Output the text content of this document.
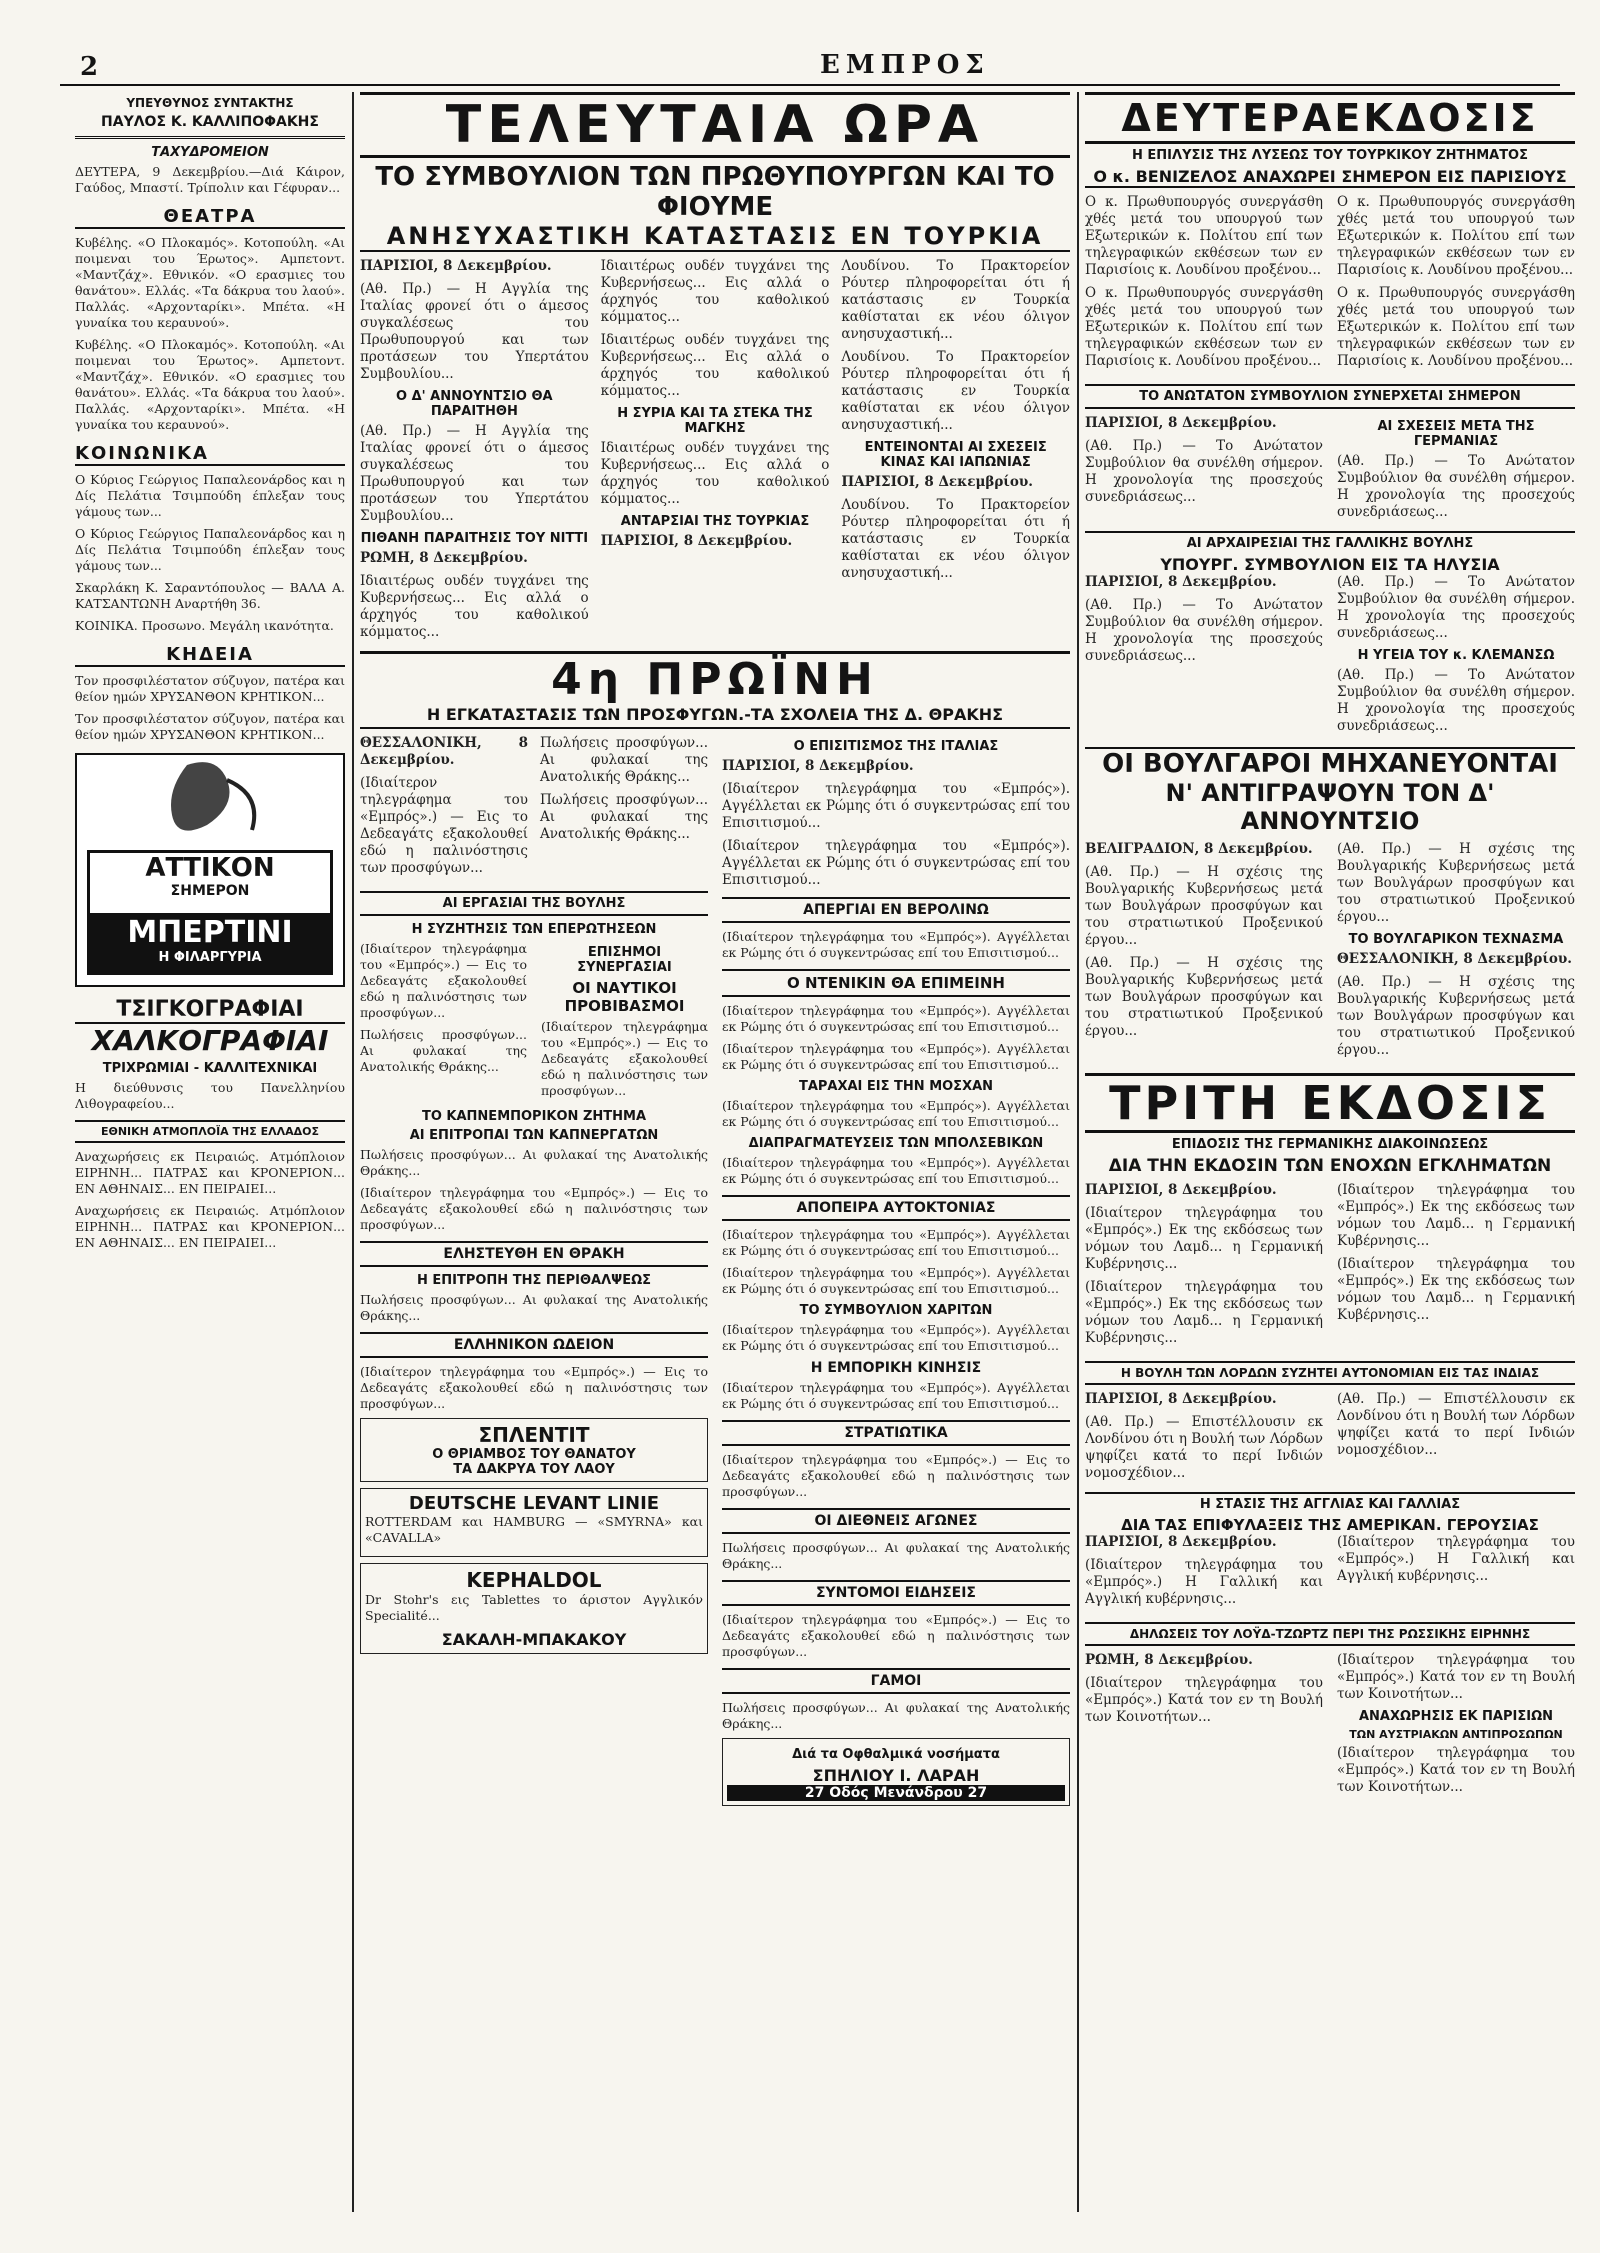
2	ΕΜΠΡΟΣ
ΥΠΕΥΘΥΝΟΣ ΣΥΝΤΑΚΤΗΣ
ΠΑΥΛΟΣ Κ. ΚΑΛΛΙΠΟΦΑΚΗΣ
ΤΑΧΥΔΡΟΜΕΙΟΝ

ΔΕΥΤΕΡΑ, 9 Δεκεμβρίου.—Διά Κάιρον, Γαύδος, Μπαστί. Τρίπολιν και Γέφυραν...

ΘΕΑΤΡΑ

Κυβέλης. «Ο Πλοκαμός». Κοτοπούλη. «Αι ποιμεναι του Έρωτος». Αμπετοντ. «Μαντζάχ». Εθνικόν. «Ο ερασμιες του θανάτου». Ελλάς. «Τα δάκρυα του λαού». Παλλάς. «Αρχονταρίκι». Μπέτα. «Η γυναίκα του κεραυνού».

Κυβέλης. «Ο Πλοκαμός». Κοτοπούλη. «Αι ποιμεναι του Έρωτος». Αμπετοντ. «Μαντζάχ». Εθνικόν. «Ο ερασμιες του θανάτου». Ελλάς. «Τα δάκρυα του λαού». Παλλάς. «Αρχονταρίκι». Μπέτα. «Η γυναίκα του κεραυνού».

ΚΟΙΝΩΝΙΚΑ

Ο Κύριος Γεώργιος Παπαλεονάρδος και η Δίς Πελάτια Τσιμπούδη έπλεξαν τους γάμους των...

Ο Κύριος Γεώργιος Παπαλεονάρδος και η Δίς Πελάτια Τσιμπούδη έπλεξαν τους γάμους των...

Σκαρλάκη Κ. Σαραντόπουλος — ΒΑΛΑ Α. ΚΑΤΣΑΝΤΩΝΗ Αναρτήθη 36.

ΚΟΙΝΙΚΑ. Προσωνο. Μεγάλη ικανότητα.

ΚΗΔΕΙΑ

Τον προσφιλέστατον σύζυγον, πατέρα και θείον ημών ΧΡΥΣΑΝΘΟΝ ΚΡΗΤΙΚΟΝ...

Τον προσφιλέστατον σύζυγον, πατέρα και θείον ημών ΧΡΥΣΑΝΘΟΝ ΚΡΗΤΙΚΟΝ...

ΑΤΤΙΚΟΝ
ΣΗΜΕΡΟΝ
ΜΠΕΡΤΙΝΙ
Η ΦΙΛΑΡΓΥΡΙΑ
ΤΣΙΓΚΟΓΡΑΦΙΑΙ
ΧΑΛΚΟΓΡΑΦΙΑΙ
ΤΡΙΧΡΩΜΙΑΙ - ΚΑΛΛΙΤΕΧΝΙΚΑΙ

Η διεύθυνσις του Πανελληνίου Λιθογραφείου...

ΕΘΝΙΚΗ ΑΤΜΟΠΛΟΪΑ ΤΗΣ ΕΛΛΑΔΟΣ

Αναχωρήσεις εκ Πειραιώς. Ατμόπλοιον ΕΙΡΗΝΗ... ΠΑΤΡΑΣ και ΚΡΟΝΕΡΙΟΝ... ΕΝ ΑΘΗΝΑΙΣ... ΕΝ ΠΕΙΡΑΙΕΙ...

Αναχωρήσεις εκ Πειραιώς. Ατμόπλοιον ΕΙΡΗΝΗ... ΠΑΤΡΑΣ και ΚΡΟΝΕΡΙΟΝ... ΕΝ ΑΘΗΝΑΙΣ... ΕΝ ΠΕΙΡΑΙΕΙ...

ΤΕΛΕΥΤΑΙΑ ΩΡΑ
ΤΟ ΣΥΜΒΟΥΛΙΟΝ ΤΩΝ ΠΡΩΘΥΠΟΥΡΓΩΝ ΚΑΙ ΤΟ ΦΙΟΥΜΕ
ΑΝΗΣΥΧΑΣΤΙΚΗ ΚΑΤΑΣΤΑΣΙΣ ΕΝ ΤΟΥΡΚΙΑ

ΠΑΡΙΣΙΟΙ, 8 Δεκεμβρίου.

(Αθ. Πρ.) — Η Αγγλία της Ιταλίας φρονεί ότι ο άμεσος συγκαλέσεως του Πρωθυπουργού και των προτάσεων του Υπερτάτου Συμβουλίου...

Ο Δ' ΑΝΝΟΥΝΤΣΙΟ ΘΑ ΠΑΡΑΙΤΗΘΗ

(Αθ. Πρ.) — Η Αγγλία της Ιταλίας φρονεί ότι ο άμεσος συγκαλέσεως του Πρωθυπουργού και των προτάσεων του Υπερτάτου Συμβουλίου...

ΠΙΘΑΝΗ ΠΑΡΑΙΤΗΣΙΣ ΤΟΥ ΝΙΤΤΙ

ΡΩΜΗ, 8 Δεκεμβρίου.

Ιδιαιτέρως ουδέν τυγχάνει της Κυβερνήσεως... Εις αλλά ο άρχηγός του καθολικού κόμματος...

Ιδιαιτέρως ουδέν τυγχάνει της Κυβερνήσεως... Εις αλλά ο άρχηγός του καθολικού κόμματος...

Ιδιαιτέρως ουδέν τυγχάνει της Κυβερνήσεως... Εις αλλά ο άρχηγός του καθολικού κόμματος...

Η ΣΥΡΙΑ ΚΑΙ ΤΑ ΣΤΕΚΑ ΤΗΣ ΜΑΓΚΗΣ

Ιδιαιτέρως ουδέν τυγχάνει της Κυβερνήσεως... Εις αλλά ο άρχηγός του καθολικού κόμματος...

ΑΝΤΑΡΣΙΑΙ ΤΗΣ ΤΟΥΡΚΙΑΣ

ΠΑΡΙΣΙΟΙ, 8 Δεκεμβρίου.

Λουδίνου. Το Πρακτορείον Ρόυτερ πληροφορείται ότι ή κατάστασις εν Τουρκία καθίσταται εκ νέου όλιγον ανησυχαστική...

Λουδίνου. Το Πρακτορείον Ρόυτερ πληροφορείται ότι ή κατάστασις εν Τουρκία καθίσταται εκ νέου όλιγον ανησυχαστική...

ΕΝΤΕΙΝΟΝΤΑΙ ΑΙ ΣΧΕΣΕΙΣ ΚΙΝΑΣ ΚΑΙ ΙΑΠΩΝΙΑΣ

ΠΑΡΙΣΙΟΙ, 8 Δεκεμβρίου.

Λουδίνου. Το Πρακτορείον Ρόυτερ πληροφορείται ότι ή κατάστασις εν Τουρκία καθίσταται εκ νέου όλιγον ανησυχαστική...

4η ΠΡΩΪΝΗ
Η ΕΓΚΑΤΑΣΤΑΣΙΣ ΤΩΝ ΠΡΟΣΦΥΓΩΝ.-ΤΑ ΣΧΟΛΕΙΑ ΤΗΣ Δ. ΘΡΑΚΗΣ

ΘΕΣΣΑΛΟΝΙΚΗ, 8 Δεκεμβρίου.

(Ιδιαίτερον τηλεγράφημα του «Εμπρός».) — Εις το Δεδεαγάτς εξακολουθεί εδώ η παλινόστησις των προσφύγων...

Πωλήσεις προσφύγων... Αι φυλακαί της Ανατολικής Θράκης...

Πωλήσεις προσφύγων... Αι φυλακαί της Ανατολικής Θράκης...

ΑΙ ΕΡΓΑΣΙΑΙ ΤΗΣ ΒΟΥΛΗΣ
Η ΣΥΖΗΤΗΣΙΣ ΤΩΝ ΕΠΕΡΩΤΗΣΕΩΝ

(Ιδιαίτερον τηλεγράφημα του «Εμπρός».) — Εις το Δεδεαγάτς εξακολουθεί εδώ η παλινόστησις των προσφύγων...

Πωλήσεις προσφύγων... Αι φυλακαί της Ανατολικής Θράκης...

ΕΠΙΣΗΜΟΙ ΣΥΝΕΡΓΑΣΙΑΙ
ΟΙ ΝΑΥΤΙΚΟΙ ΠΡΟΒΙΒΑΣΜΟΙ

(Ιδιαίτερον τηλεγράφημα του «Εμπρός».) — Εις το Δεδεαγάτς εξακολουθεί εδώ η παλινόστησις των προσφύγων...

ΤΟ ΚΑΠΝΕΜΠΟΡΙΚΟΝ ΖΗΤΗΜΑ
ΑΙ ΕΠΙΤΡΟΠΑΙ ΤΩΝ ΚΑΠΝΕΡΓΑΤΩΝ

Πωλήσεις προσφύγων... Αι φυλακαί της Ανατολικής Θράκης...

(Ιδιαίτερον τηλεγράφημα του «Εμπρός».) — Εις το Δεδεαγάτς εξακολουθεί εδώ η παλινόστησις των προσφύγων...

ΕΛΗΣΤΕΥΘΗ ΕΝ ΘΡΑΚΗ
Η ΕΠΙΤΡΟΠΗ ΤΗΣ ΠΕΡΙΘΑΛΨΕΩΣ

Πωλήσεις προσφύγων... Αι φυλακαί της Ανατολικής Θράκης...

ΕΛΛΗΝΙΚΟΝ ΩΔΕΙΟΝ

(Ιδιαίτερον τηλεγράφημα του «Εμπρός».) — Εις το Δεδεαγάτς εξακολουθεί εδώ η παλινόστησις των προσφύγων...

ΣΠΛΕΝΤΙΤ
Ο ΘΡΙΑΜΒΟΣ ΤΟΥ ΘΑΝΑΤΟΥ
ΤΑ ΔΑΚΡΥΑ ΤΟΥ ΛΑΟΥ
DEUTSCHE LEVANT LINIE

ROTTERDAM και HAMBURG — «SMYRNA» και «CAVALLA»

KEPHALDOL

Dr Stohr's εις Tablettes το άριστον Αγγλικόν Specialité...

ΣΑΚΑΛΗ-ΜΠΑΚΑΚΟΥ
Ο ΕΠΙΣΙΤΙΣΜΟΣ ΤΗΣ ΙΤΑΛΙΑΣ

ΠΑΡΙΣΙΟΙ, 8 Δεκεμβρίου.

(Ιδιαίτερον τηλεγράφημα του «Εμπρός»). Αγγέλλεται εκ Ρώμης ότι ό συγκεντρώσας επί του Επισιτισμού...

(Ιδιαίτερον τηλεγράφημα του «Εμπρός»). Αγγέλλεται εκ Ρώμης ότι ό συγκεντρώσας επί του Επισιτισμού...

ΑΠΕΡΓΙΑΙ ΕΝ ΒΕΡΟΛΙΝΩ

(Ιδιαίτερον τηλεγράφημα του «Εμπρός»). Αγγέλλεται εκ Ρώμης ότι ό συγκεντρώσας επί του Επισιτισμού...

Ο ΝΤΕΝΙΚΙΝ ΘΑ ΕΠΙΜΕΙΝΗ

(Ιδιαίτερον τηλεγράφημα του «Εμπρός»). Αγγέλλεται εκ Ρώμης ότι ό συγκεντρώσας επί του Επισιτισμού...

(Ιδιαίτερον τηλεγράφημα του «Εμπρός»). Αγγέλλεται εκ Ρώμης ότι ό συγκεντρώσας επί του Επισιτισμού...

ΤΑΡΑΧΑΙ ΕΙΣ ΤΗΝ ΜΟΣΧΑΝ

(Ιδιαίτερον τηλεγράφημα του «Εμπρός»). Αγγέλλεται εκ Ρώμης ότι ό συγκεντρώσας επί του Επισιτισμού...

ΔΙΑΠΡΑΓΜΑΤΕΥΣΕΙΣ ΤΩΝ ΜΠΟΛΣΕΒΙΚΩΝ

(Ιδιαίτερον τηλεγράφημα του «Εμπρός»). Αγγέλλεται εκ Ρώμης ότι ό συγκεντρώσας επί του Επισιτισμού...

ΑΠΟΠΕΙΡΑ ΑΥΤΟΚΤΟΝΙΑΣ

(Ιδιαίτερον τηλεγράφημα του «Εμπρός»). Αγγέλλεται εκ Ρώμης ότι ό συγκεντρώσας επί του Επισιτισμού...

(Ιδιαίτερον τηλεγράφημα του «Εμπρός»). Αγγέλλεται εκ Ρώμης ότι ό συγκεντρώσας επί του Επισιτισμού...

ΤΟ ΣΥΜΒΟΥΛΙΟΝ ΧΑΡΙΤΩΝ

(Ιδιαίτερον τηλεγράφημα του «Εμπρός»). Αγγέλλεται εκ Ρώμης ότι ό συγκεντρώσας επί του Επισιτισμού...

Η ΕΜΠΟΡΙΚΗ ΚΙΝΗΣΙΣ

(Ιδιαίτερον τηλεγράφημα του «Εμπρός»). Αγγέλλεται εκ Ρώμης ότι ό συγκεντρώσας επί του Επισιτισμού...

ΣΤΡΑΤΙΩΤΙΚΑ

(Ιδιαίτερον τηλεγράφημα του «Εμπρός».) — Εις το Δεδεαγάτς εξακολουθεί εδώ η παλινόστησις των προσφύγων...

ΟΙ ΔΙΕΘΝΕΙΣ ΑΓΩΝΕΣ

Πωλήσεις προσφύγων... Αι φυλακαί της Ανατολικής Θράκης...

ΣΥΝΤΟΜΟΙ ΕΙΔΗΣΕΙΣ

(Ιδιαίτερον τηλεγράφημα του «Εμπρός».) — Εις το Δεδεαγάτς εξακολουθεί εδώ η παλινόστησις των προσφύγων...

ΓΑΜΟΙ

Πωλήσεις προσφύγων... Αι φυλακαί της Ανατολικής Θράκης...

Διά τα Οφθαλμικά νοσήματα
ΣΠΗΛΙΟΥ Ι. ΛΑΡΑΗ
27 Οδός Μενάνδρου 27
ΔΕΥΤΕΡΑΕΚΔΟΣΙΣ
Η ΕΠΙΛΥΣΙΣ ΤΗΣ ΛΥΣΕΩΣ ΤΟΥ ΤΟΥΡΚΙΚΟΥ ΖΗΤΗΜΑΤΟΣ
Ο κ. ΒΕΝΙΖΕΛΟΣ ΑΝΑΧΩΡΕΙ ΣΗΜΕΡΟΝ ΕΙΣ ΠΑΡΙΣΙΟΥΣ

Ο κ. Πρωθυπουργός συνεργάσθη χθές μετά του υπουργού των Εξωτερικών κ. Πολίτου επί των τηλεγραφικών εκθέσεων των εν Παρισίοις κ. Λουδίνου προξένου...

Ο κ. Πρωθυπουργός συνεργάσθη χθές μετά του υπουργού των Εξωτερικών κ. Πολίτου επί των τηλεγραφικών εκθέσεων των εν Παρισίοις κ. Λουδίνου προξένου...

Ο κ. Πρωθυπουργός συνεργάσθη χθές μετά του υπουργού των Εξωτερικών κ. Πολίτου επί των τηλεγραφικών εκθέσεων των εν Παρισίοις κ. Λουδίνου προξένου...

Ο κ. Πρωθυπουργός συνεργάσθη χθές μετά του υπουργού των Εξωτερικών κ. Πολίτου επί των τηλεγραφικών εκθέσεων των εν Παρισίοις κ. Λουδίνου προξένου...

ΤΟ ΑΝΩΤΑΤΟΝ ΣΥΜΒΟΥΛΙΟΝ ΣΥΝΕΡΧΕΤΑΙ ΣΗΜΕΡΟΝ

ΠΑΡΙΣΙΟΙ, 8 Δεκεμβρίου.

(Αθ. Πρ.) — Το Ανώτατον Συμβούλιον θα συνέλθη σήμερον. Η χρονολογία της προσεχούς συνεδριάσεως...

ΑΙ ΣΧΕΣΕΙΣ ΜΕΤΑ ΤΗΣ ΓΕΡΜΑΝΙΑΣ

(Αθ. Πρ.) — Το Ανώτατον Συμβούλιον θα συνέλθη σήμερον. Η χρονολογία της προσεχούς συνεδριάσεως...

ΑΙ ΑΡΧΑΙΡΕΣΙΑΙ ΤΗΣ ΓΑΛΛΙΚΗΣ ΒΟΥΛΗΣ
ΥΠΟΥΡΓ. ΣΥΜΒΟΥΛΙΟΝ ΕΙΣ ΤΑ ΗΛΥΣΙΑ

ΠΑΡΙΣΙΟΙ, 8 Δεκεμβρίου.

(Αθ. Πρ.) — Το Ανώτατον Συμβούλιον θα συνέλθη σήμερον. Η χρονολογία της προσεχούς συνεδριάσεως...

(Αθ. Πρ.) — Το Ανώτατον Συμβούλιον θα συνέλθη σήμερον. Η χρονολογία της προσεχούς συνεδριάσεως...

Η ΥΓΕΙΑ ΤΟΥ κ. ΚΛΕΜΑΝΣΩ

(Αθ. Πρ.) — Το Ανώτατον Συμβούλιον θα συνέλθη σήμερον. Η χρονολογία της προσεχούς συνεδριάσεως...

ΟΙ ΒΟΥΛΓΑΡΟΙ ΜΗΧΑΝΕΥΟΝΤΑΙ
Ν' ΑΝΤΙΓΡΑΨΟΥΝ ΤΟΝ Δ' ΑΝΝΟΥΝΤΣΙΟ

ΒΕΛΙΓΡΑΔΙΟΝ, 8 Δεκεμβρίου.

(Αθ. Πρ.) — Η σχέσις της Βουλγαρικής Κυβερνήσεως μετά των Βουλγάρων προσφύγων και του στρατιωτικού Προξενικού έργου...

(Αθ. Πρ.) — Η σχέσις της Βουλγαρικής Κυβερνήσεως μετά των Βουλγάρων προσφύγων και του στρατιωτικού Προξενικού έργου...

(Αθ. Πρ.) — Η σχέσις της Βουλγαρικής Κυβερνήσεως μετά των Βουλγάρων προσφύγων και του στρατιωτικού Προξενικού έργου...

ΤΟ ΒΟΥΛΓΑΡΙΚΟΝ ΤΕΧΝΑΣΜΑ

ΘΕΣΣΑΛΟΝΙΚΗ, 8 Δεκεμβρίου.

(Αθ. Πρ.) — Η σχέσις της Βουλγαρικής Κυβερνήσεως μετά των Βουλγάρων προσφύγων και του στρατιωτικού Προξενικού έργου...

ΤΡΙΤΗ ΕΚΔΟΣΙΣ
ΕΠΙΔΟΣΙΣ ΤΗΣ ΓΕΡΜΑΝΙΚΗΣ ΔΙΑΚΟΙΝΩΣΕΩΣ
ΔΙΑ ΤΗΝ ΕΚΔΟΣΙΝ ΤΩΝ ΕΝΟΧΩΝ ΕΓΚΛΗΜΑΤΩΝ

ΠΑΡΙΣΙΟΙ, 8 Δεκεμβρίου.

(Ιδιαίτερον τηλεγράφημα του «Εμπρός».) Εκ της εκδόσεως των νόμων του Λαμδ... η Γερμανική Κυβέρνησις...

(Ιδιαίτερον τηλεγράφημα του «Εμπρός».) Εκ της εκδόσεως των νόμων του Λαμδ... η Γερμανική Κυβέρνησις...

(Ιδιαίτερον τηλεγράφημα του «Εμπρός».) Εκ της εκδόσεως των νόμων του Λαμδ... η Γερμανική Κυβέρνησις...

(Ιδιαίτερον τηλεγράφημα του «Εμπρός».) Εκ της εκδόσεως των νόμων του Λαμδ... η Γερμανική Κυβέρνησις...

Η ΒΟΥΛΗ ΤΩΝ ΛΟΡΔΩΝ ΣΥΖΗΤΕΙ ΑΥΤΟΝΟΜΙΑΝ ΕΙΣ ΤΑΣ ΙΝΔΙΑΣ

ΠΑΡΙΣΙΟΙ, 8 Δεκεμβρίου.

(Αθ. Πρ.) — Επιστέλλουσιν εκ Λονδίνου ότι η Βουλή των Λόρδων ψηφίζει κατά το περί Ινδιών νομοσχέδιον...

(Αθ. Πρ.) — Επιστέλλουσιν εκ Λονδίνου ότι η Βουλή των Λόρδων ψηφίζει κατά το περί Ινδιών νομοσχέδιον...

Η ΣΤΑΣΙΣ ΤΗΣ ΑΓΓΛΙΑΣ ΚΑΙ ΓΑΛΛΙΑΣ
ΔΙΑ ΤΑΣ ΕΠΙΦΥΛΑΞΕΙΣ ΤΗΣ ΑΜΕΡΙΚΑΝ. ΓΕΡΟΥΣΙΑΣ

ΠΑΡΙΣΙΟΙ, 8 Δεκεμβρίου.

(Ιδιαίτερον τηλεγράφημα του «Εμπρός».) Η Γαλλική και Αγγλική κυβέρνησις...

(Ιδιαίτερον τηλεγράφημα του «Εμπρός».) Η Γαλλική και Αγγλική κυβέρνησις...

ΔΗΛΩΣΕΙΣ ΤΟΥ ΛΟΫΔ-ΤΖΩΡΤΖ ΠΕΡΙ ΤΗΣ ΡΩΣΣΙΚΗΣ ΕΙΡΗΝΗΣ

ΡΩΜΗ, 8 Δεκεμβρίου.

(Ιδιαίτερον τηλεγράφημα του «Εμπρός».) Κατά τον εν τη Βουλή των Κοινοτήτων...

(Ιδιαίτερον τηλεγράφημα του «Εμπρός».) Κατά τον εν τη Βουλή των Κοινοτήτων...

ΑΝΑΧΩΡΗΣΙΣ ΕΚ ΠΑΡΙΣΙΩΝ
ΤΩΝ ΑΥΣΤΡΙΑΚΩΝ ΑΝΤΙΠΡΟΣΩΠΩΝ

(Ιδιαίτερον τηλεγράφημα του «Εμπρός».) Κατά τον εν τη Βουλή των Κοινοτήτων...
